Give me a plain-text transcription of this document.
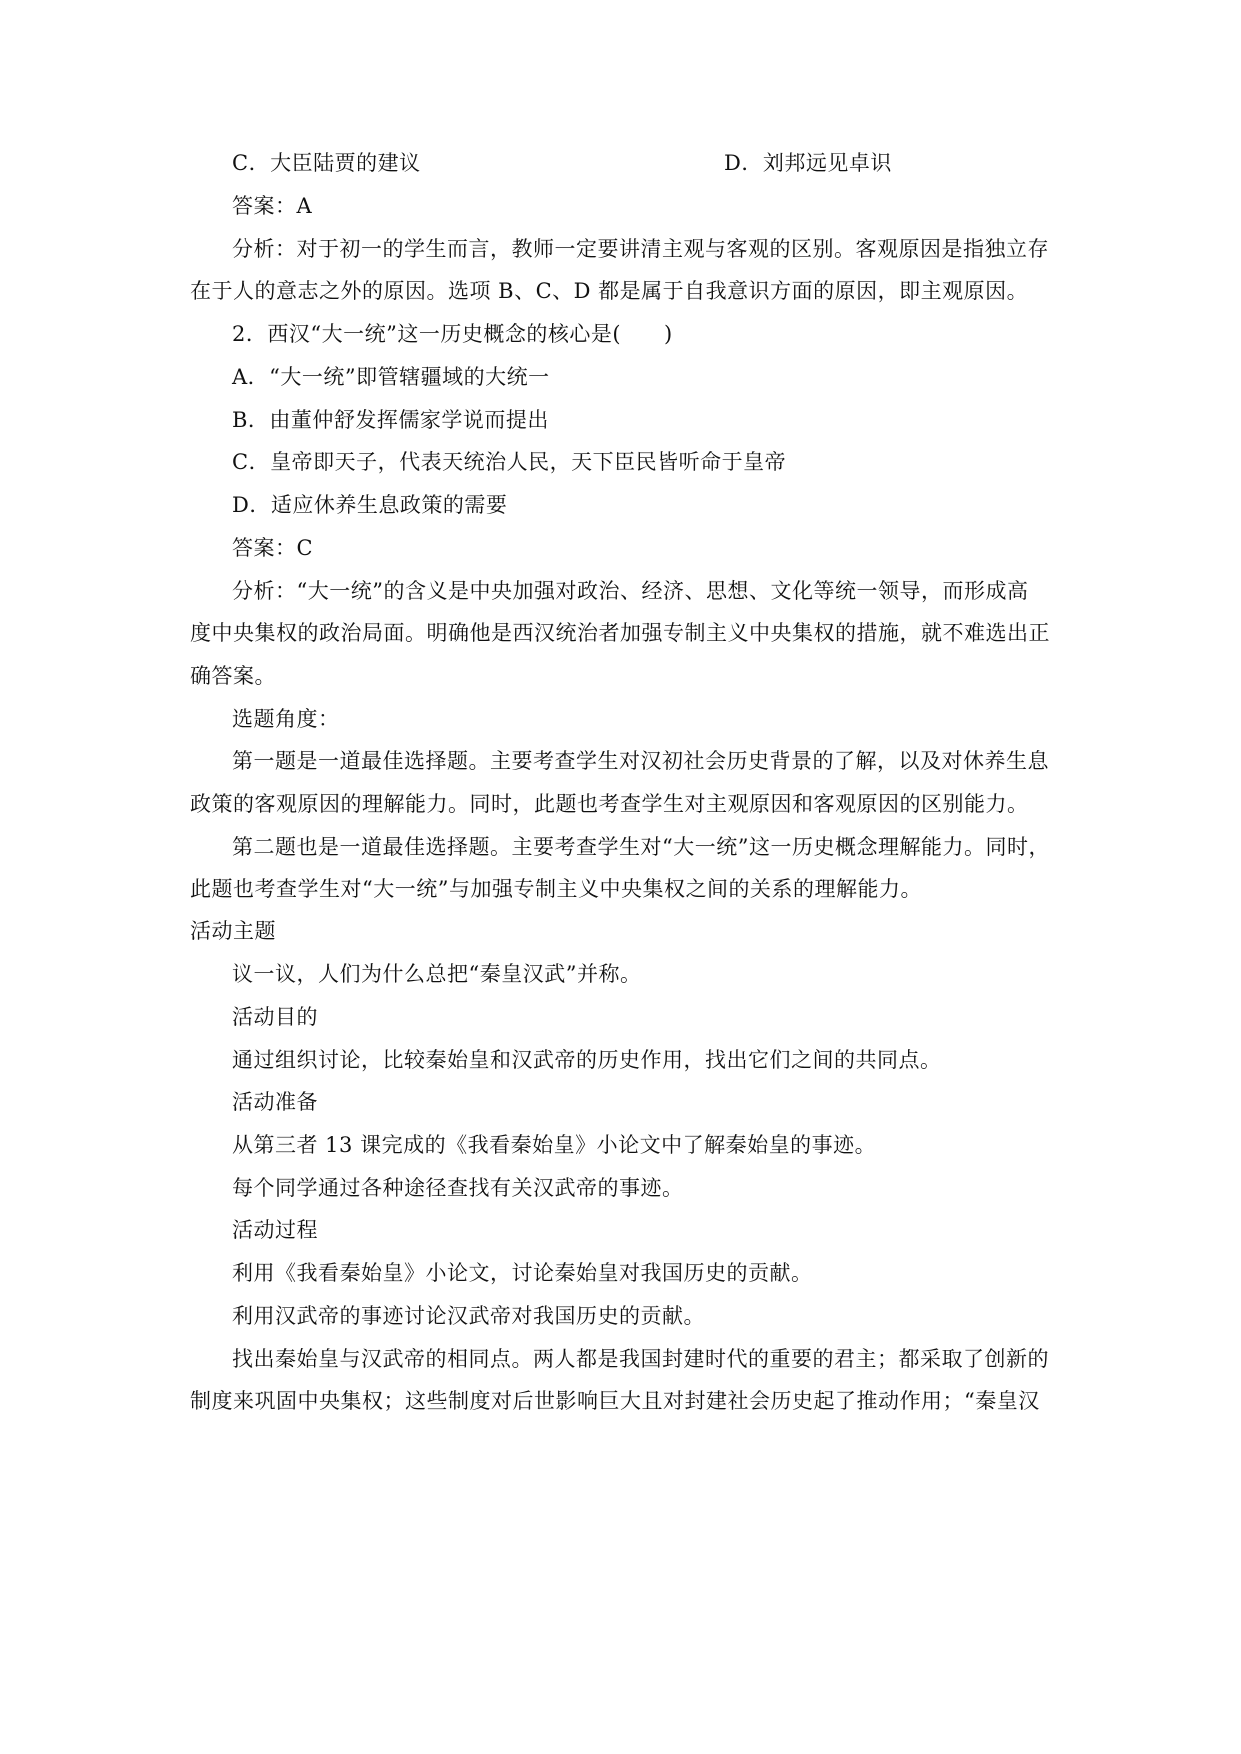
C．大臣陆贾的建议	D．刘邦远见卓识
答案：A
分析：对于初一的学生而言，教师一定要讲清主观与客观的区别。客观原因是指独立存
在于人的意志之外的原因。选项 B、C、D 都是属于自我意识方面的原因，即主观原因。
2．西汉“大一统”这一历史概念的核心是(　　)
A．“大一统”即管辖疆域的大统一
B．由董仲舒发挥儒家学说而提出
C．皇帝即天子，代表天统治人民，天下臣民皆听命于皇帝
D．适应休养生息政策的需要
答案：C
分析：“大一统”的含义是中央加强对政治、经济、思想、文化等统一领导，而形成高
度中央集权的政治局面。明确他是西汉统治者加强专制主义中央集权的措施，就不难选出正
确答案。
选题角度：
第一题是一道最佳选择题。主要考查学生对汉初社会历史背景的了解，以及对休养生息
政策的客观原因的理解能力。同时，此题也考查学生对主观原因和客观原因的区别能力。
第二题也是一道最佳选择题。主要考查学生对“大一统”这一历史概念理解能力。同时，
此题也考查学生对“大一统”与加强专制主义中央集权之间的关系的理解能力。
活动主题
议一议，人们为什么总把“秦皇汉武”并称。
活动目的
通过组织讨论，比较秦始皇和汉武帝的历史作用，找出它们之间的共同点。
活动准备
从第三者 13 课完成的《我看秦始皇》小论文中了解秦始皇的事迹。
每个同学通过各种途径查找有关汉武帝的事迹。
活动过程
利用《我看秦始皇》小论文，讨论秦始皇对我国历史的贡献。
利用汉武帝的事迹讨论汉武帝对我国历史的贡献。
找出秦始皇与汉武帝的相同点。两人都是我国封建时代的重要的君主；都采取了创新的
制度来巩固中央集权；这些制度对后世影响巨大且对封建社会历史起了推动作用；“秦皇汉
